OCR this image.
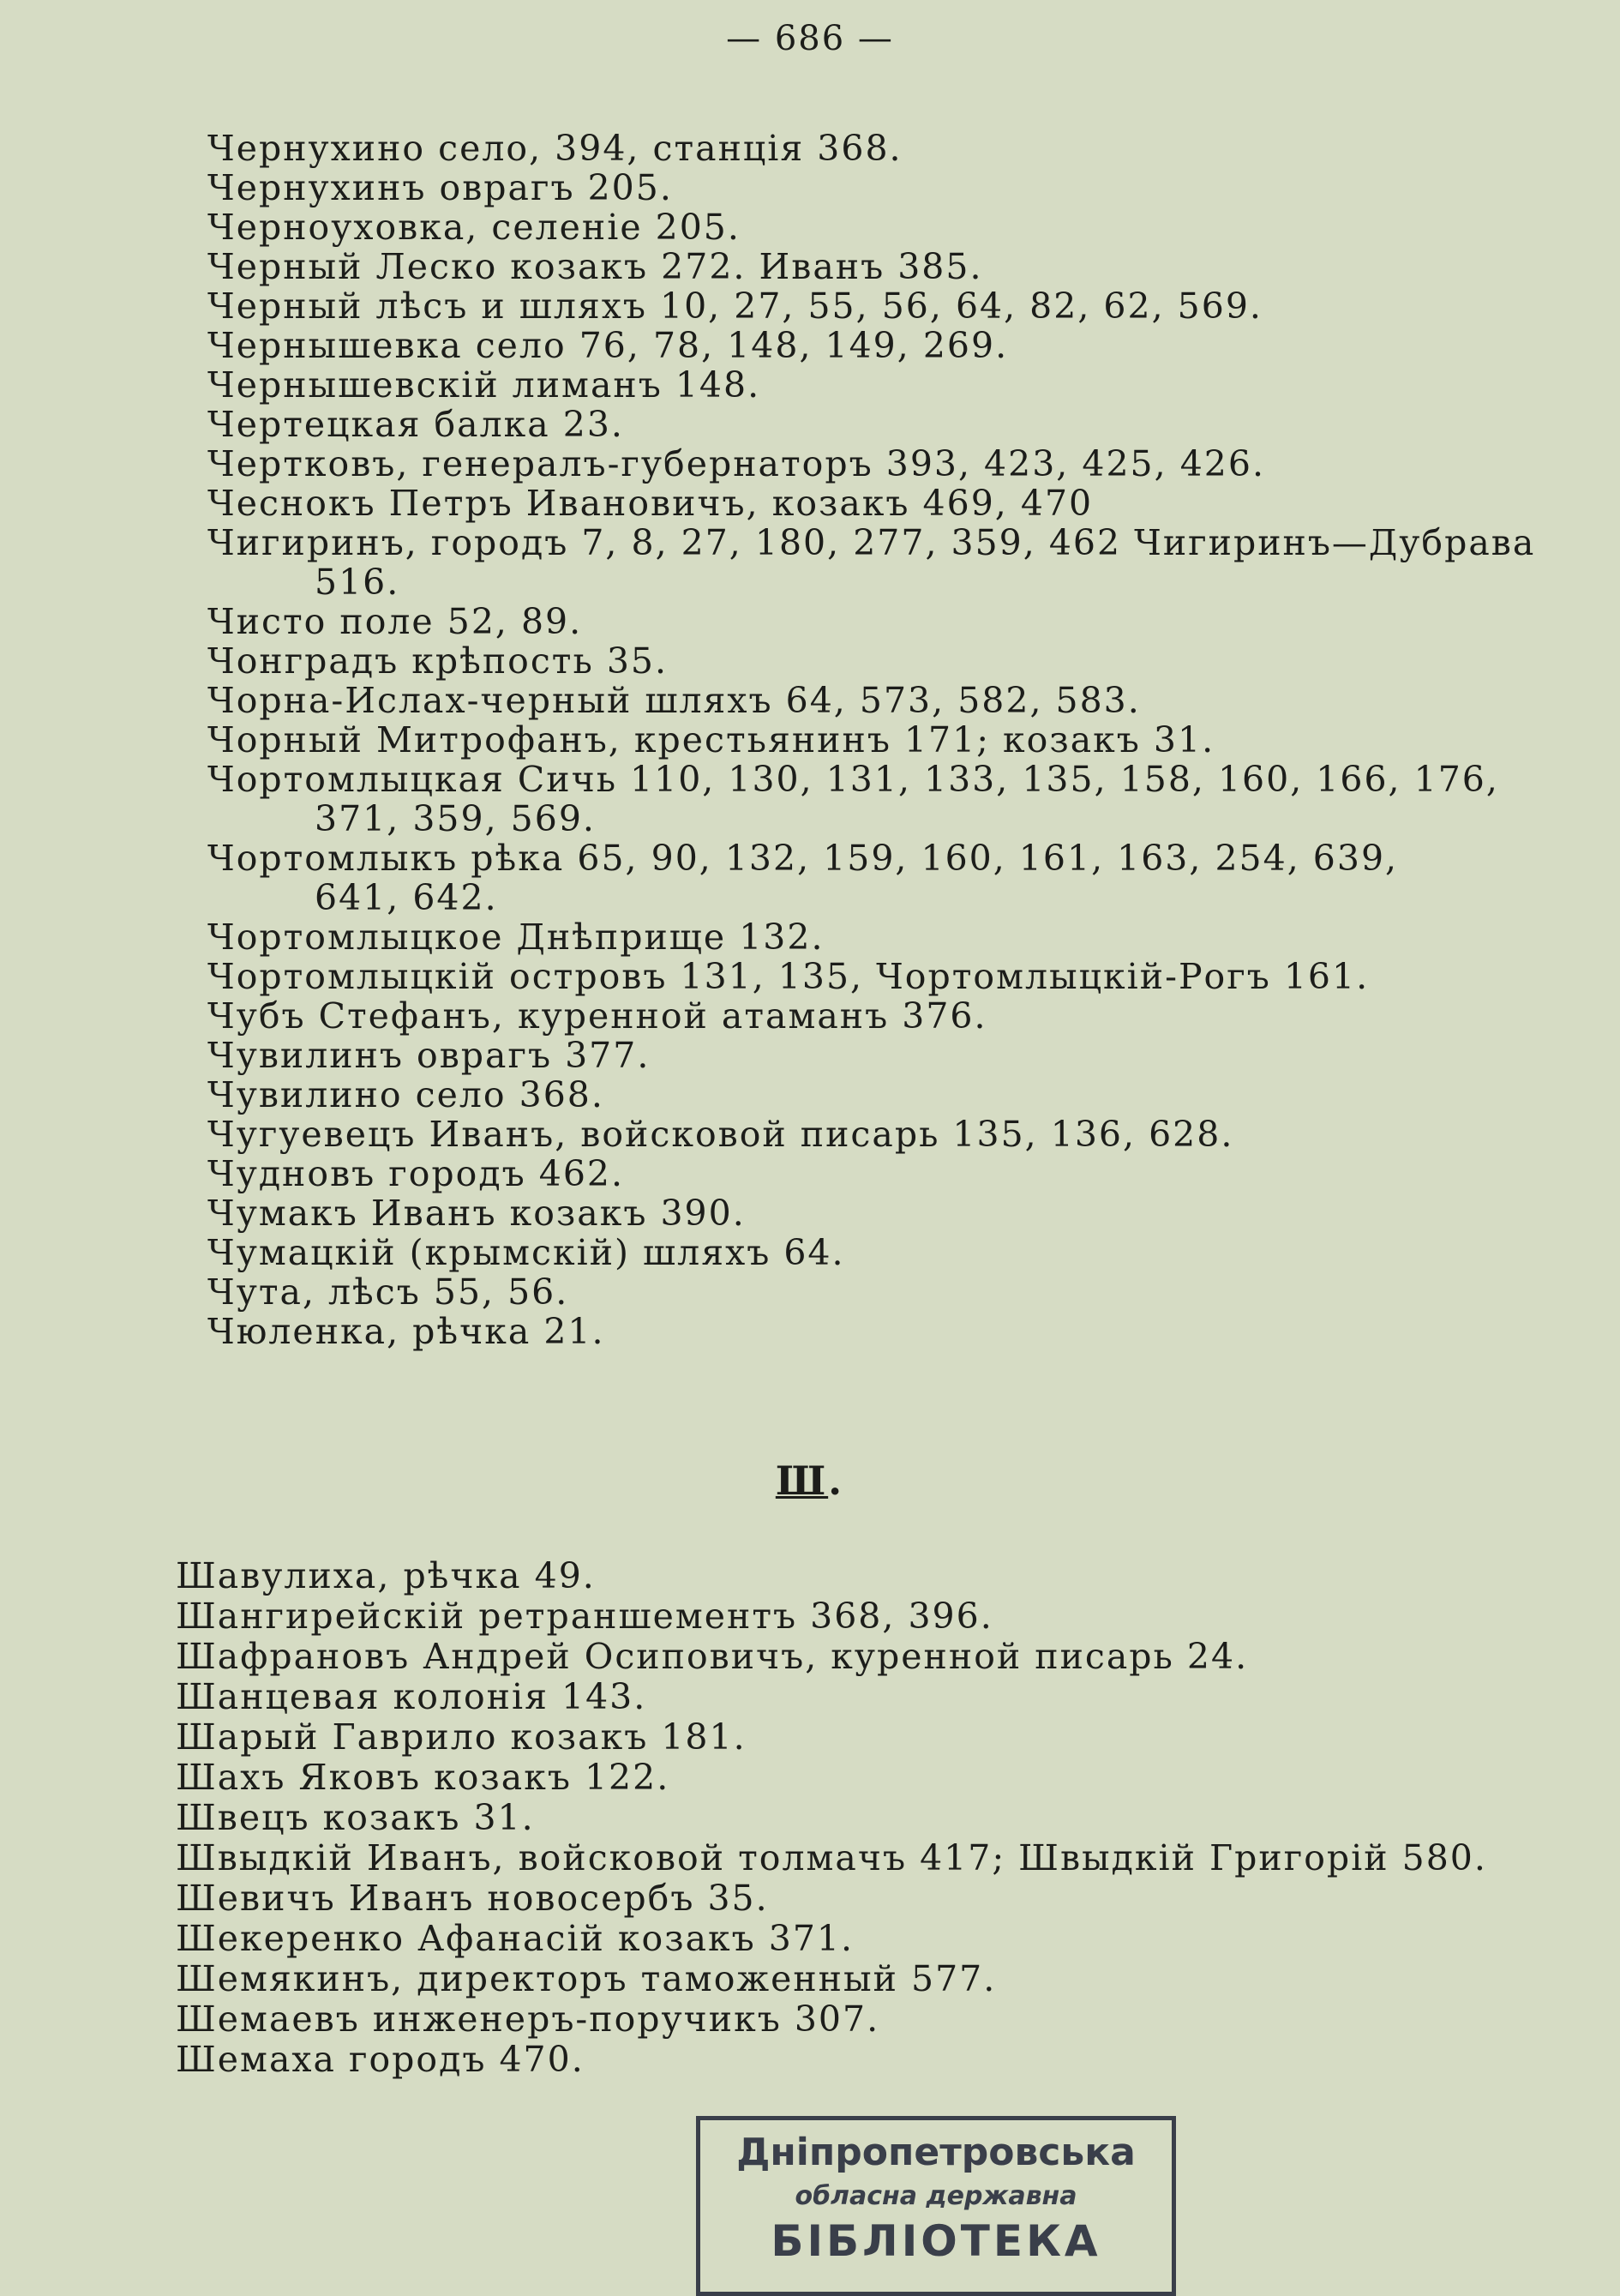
— 686 —
Чернухино село, 394, станція 368.
Чернухинъ оврагъ 205.
Черноуховка, селеніе 205.
Черный Леско козакъ 272. Иванъ 385.
Черный лѣсъ и шляхъ 10, 27, 55, 56, 64, 82, 62, 569.
Чернышевка село 76, 78, 148, 149, 269.
Чернышевскій лиманъ 148.
Чертецкая балка 23.
Чертковъ, генералъ-губернаторъ 393, 423, 425, 426.
Чеснокъ Петръ Ивановичъ, козакъ 469, 470
Чигиринъ, городъ 7, 8, 27, 180, 277, 359, 462 Чигиринъ—Дубрава
516.
Чисто поле 52, 89.
Чонградъ крѣпость 35.
Чорна-Ислах-черный шляхъ 64, 573, 582, 583.
Чорный Митрофанъ, крестьянинъ 171; козакъ 31.
Чортомлыцкая Сичь 110, 130, 131, 133, 135, 158, 160, 166, 176,
371, 359, 569.
Чортомлыкъ рѣка 65, 90, 132, 159, 160, 161, 163, 254, 639,
641, 642.
Чортомлыцкое Днѣприще 132.
Чортомлыцкій островъ 131, 135, Чортомлыцкій-Рогъ 161.
Чубъ Стефанъ, куренной атаманъ 376.
Чувилинъ оврагъ 377.
Чувилино село 368.
Чугуевецъ Иванъ, войсковой писарь 135, 136, 628.
Чудновъ городъ 462.
Чумакъ Иванъ козакъ 390.
Чумацкій (крымскій) шляхъ 64.
Чута, лѣсъ 55, 56.
Чюленка, рѣчка 21.
Ш.
Шавулиха, рѣчка 49.
Шангирейскій ретраншементъ 368, 396.
Шафрановъ Андрей Осиповичъ, куренной писарь 24.
Шанцевая колонія 143.
Шарый Гаврило козакъ 181.
Шахъ Яковъ козакъ 122.
Швецъ козакъ 31.
Швыдкій Иванъ, войсковой толмачъ 417; Швыдкій Григорій 580.
Шевичъ Иванъ новосербъ 35.
Шекеренко Афанасій козакъ 371.
Шемякинъ, директоръ таможенный 577.
Шемаевъ инженеръ-поручикъ 307.
Шемаха городъ 470.
Дніпропетровська
обласна державна
БІБЛІОТЕКА
